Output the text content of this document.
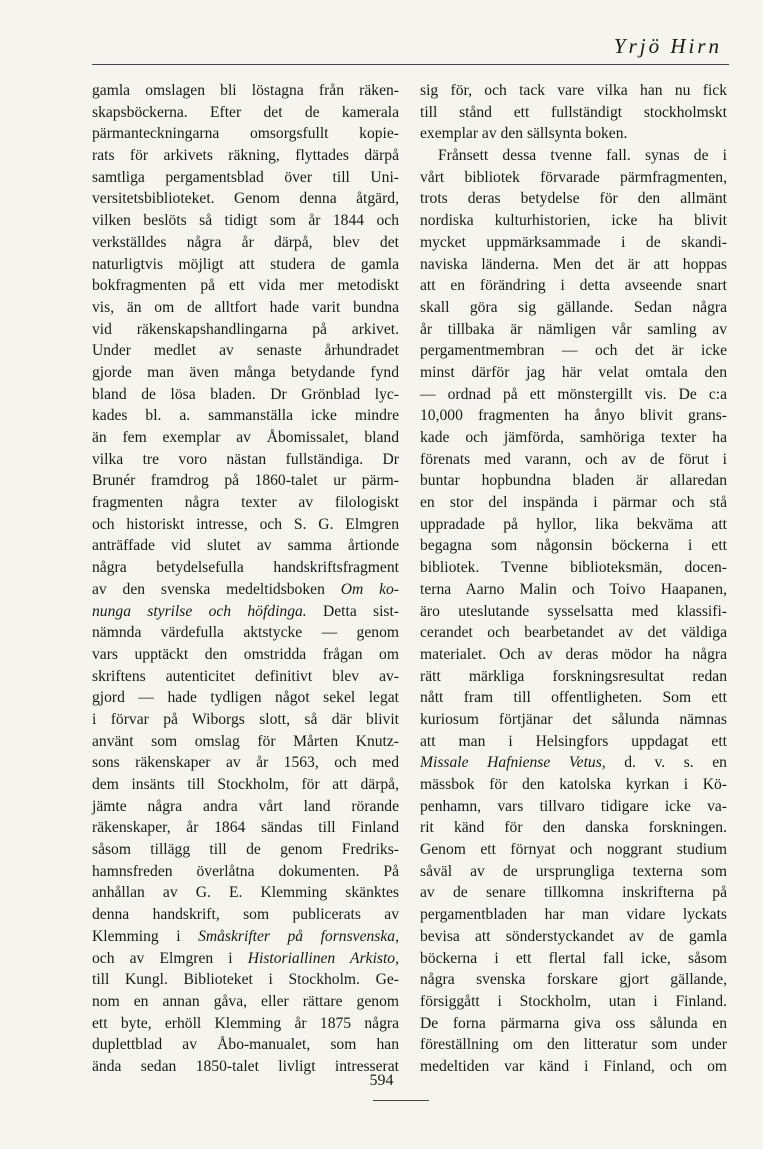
Yrjö Hirn
gamla omslagen bli löstagna från räken-
skapsböckerna. Efter det de kamerala
pärmanteckningarna omsorgsfullt kopie-
rats för arkivets räkning, flyttades därpå
samtliga pergamentsblad över till Uni-
versitetsbiblioteket. Genom denna åtgärd,
vilken beslöts så tidigt som år 1844 och
verkställdes några år därpå, blev det
naturligtvis möjligt att studera de gamla
bokfragmenten på ett vida mer metodiskt
vis, än om de alltfort hade varit bundna
vid räkenskapshandlingarna på arkivet.
Under medlet av senaste århundradet
gjorde man även många betydande fynd
bland de lösa bladen. Dr Grönblad lyc-
kades bl. a. sammanställa icke mindre
än fem exemplar av Åbomissalet, bland
vilka tre voro nästan fullständiga. Dr
Brunér framdrog på 1860-talet ur pärm-
fragmenten några texter av filologiskt
och historiskt intresse, och S. G. Elmgren
anträffade vid slutet av samma årtionde
några betydelsefulla handskriftsfragment
av den svenska medeltidsboken Om ko-
nunga styrilse och höfdinga. Detta sist-
nämnda värdefulla aktstycke — genom
vars upptäckt den omstridda frågan om
skriftens autenticitet definitivt blev av-
gjord — hade tydligen något sekel legat
i förvar på Wiborgs slott, så där blivit
använt som omslag för Mårten Knutz-
sons räkenskaper av år 1563, och med
dem insänts till Stockholm, för att därpå,
jämte några andra vårt land rörande
räkenskaper, år 1864 sändas till Finland
såsom tillägg till de genom Fredriks-
hamnsfreden överlåtna dokumenten. På
anhållan av G. E. Klemming skänktes
denna handskrift, som publicerats av
Klemming i Småskrifter på fornsvenska,
och av Elmgren i Historiallinen Arkisto,
till Kungl. Biblioteket i Stockholm. Ge-
nom en annan gåva, eller rättare genom
ett byte, erhöll Klemming år 1875 några
duplettblad av Åbo-manualet, som han
ända sedan 1850-talet livligt intresserat
sig för, och tack vare vilka han nu fick
till stånd ett fullständigt stockholmskt
exemplar av den sällsynta boken.
Frånsett dessa tvenne fall. synas de i
vårt bibliotek förvarade pärmfragmenten,
trots deras betydelse för den allmänt
nordiska kulturhistorien, icke ha blivit
mycket uppmärksammade i de skandi-
naviska länderna. Men det är att hoppas
att en förändring i detta avseende snart
skall göra sig gällande. Sedan några
år tillbaka är nämligen vår samling av
pergamentmembran — och det är icke
minst därför jag här velat omtala den
— ordnad på ett mönstergillt vis. De c:a
10,000 fragmenten ha ånyo blivit grans-
kade och jämförda, samhöriga texter ha
förenats med varann, och av de förut i
buntar hopbundna bladen är allaredan
en stor del inspända i pärmar och stå
uppradade på hyllor, lika bekväma att
begagna som någonsin böckerna i ett
bibliotek. Tvenne biblioteksmän, docen-
terna Aarno Malin och Toivo Haapanen,
äro uteslutande sysselsatta med klassifi-
cerandet och bearbetandet av det väldiga
materialet. Och av deras mödor ha några
rätt märkliga forskningsresultat redan
nått fram till offentligheten. Som ett
kuriosum förtjänar det sålunda nämnas
att man i Helsingfors uppdagat ett
Missale Hafniense Vetus, d. v. s. en
mässbok för den katolska kyrkan i Kö-
penhamn, vars tillvaro tidigare icke va-
rit känd för den danska forskningen.
Genom ett förnyat och noggrant studium
såväl av de ursprungliga texterna som
av de senare tillkomna inskrifterna på
pergamentbladen har man vidare lyckats
bevisa att sönderstyckandet av de gamla
böckerna i ett flertal fall icke, såsom
några svenska forskare gjort gällande,
försiggått i Stockholm, utan i Finland.
De forna pärmarna giva oss sålunda en
föreställning om den litteratur som under
medeltiden var känd i Finland, och om
594
